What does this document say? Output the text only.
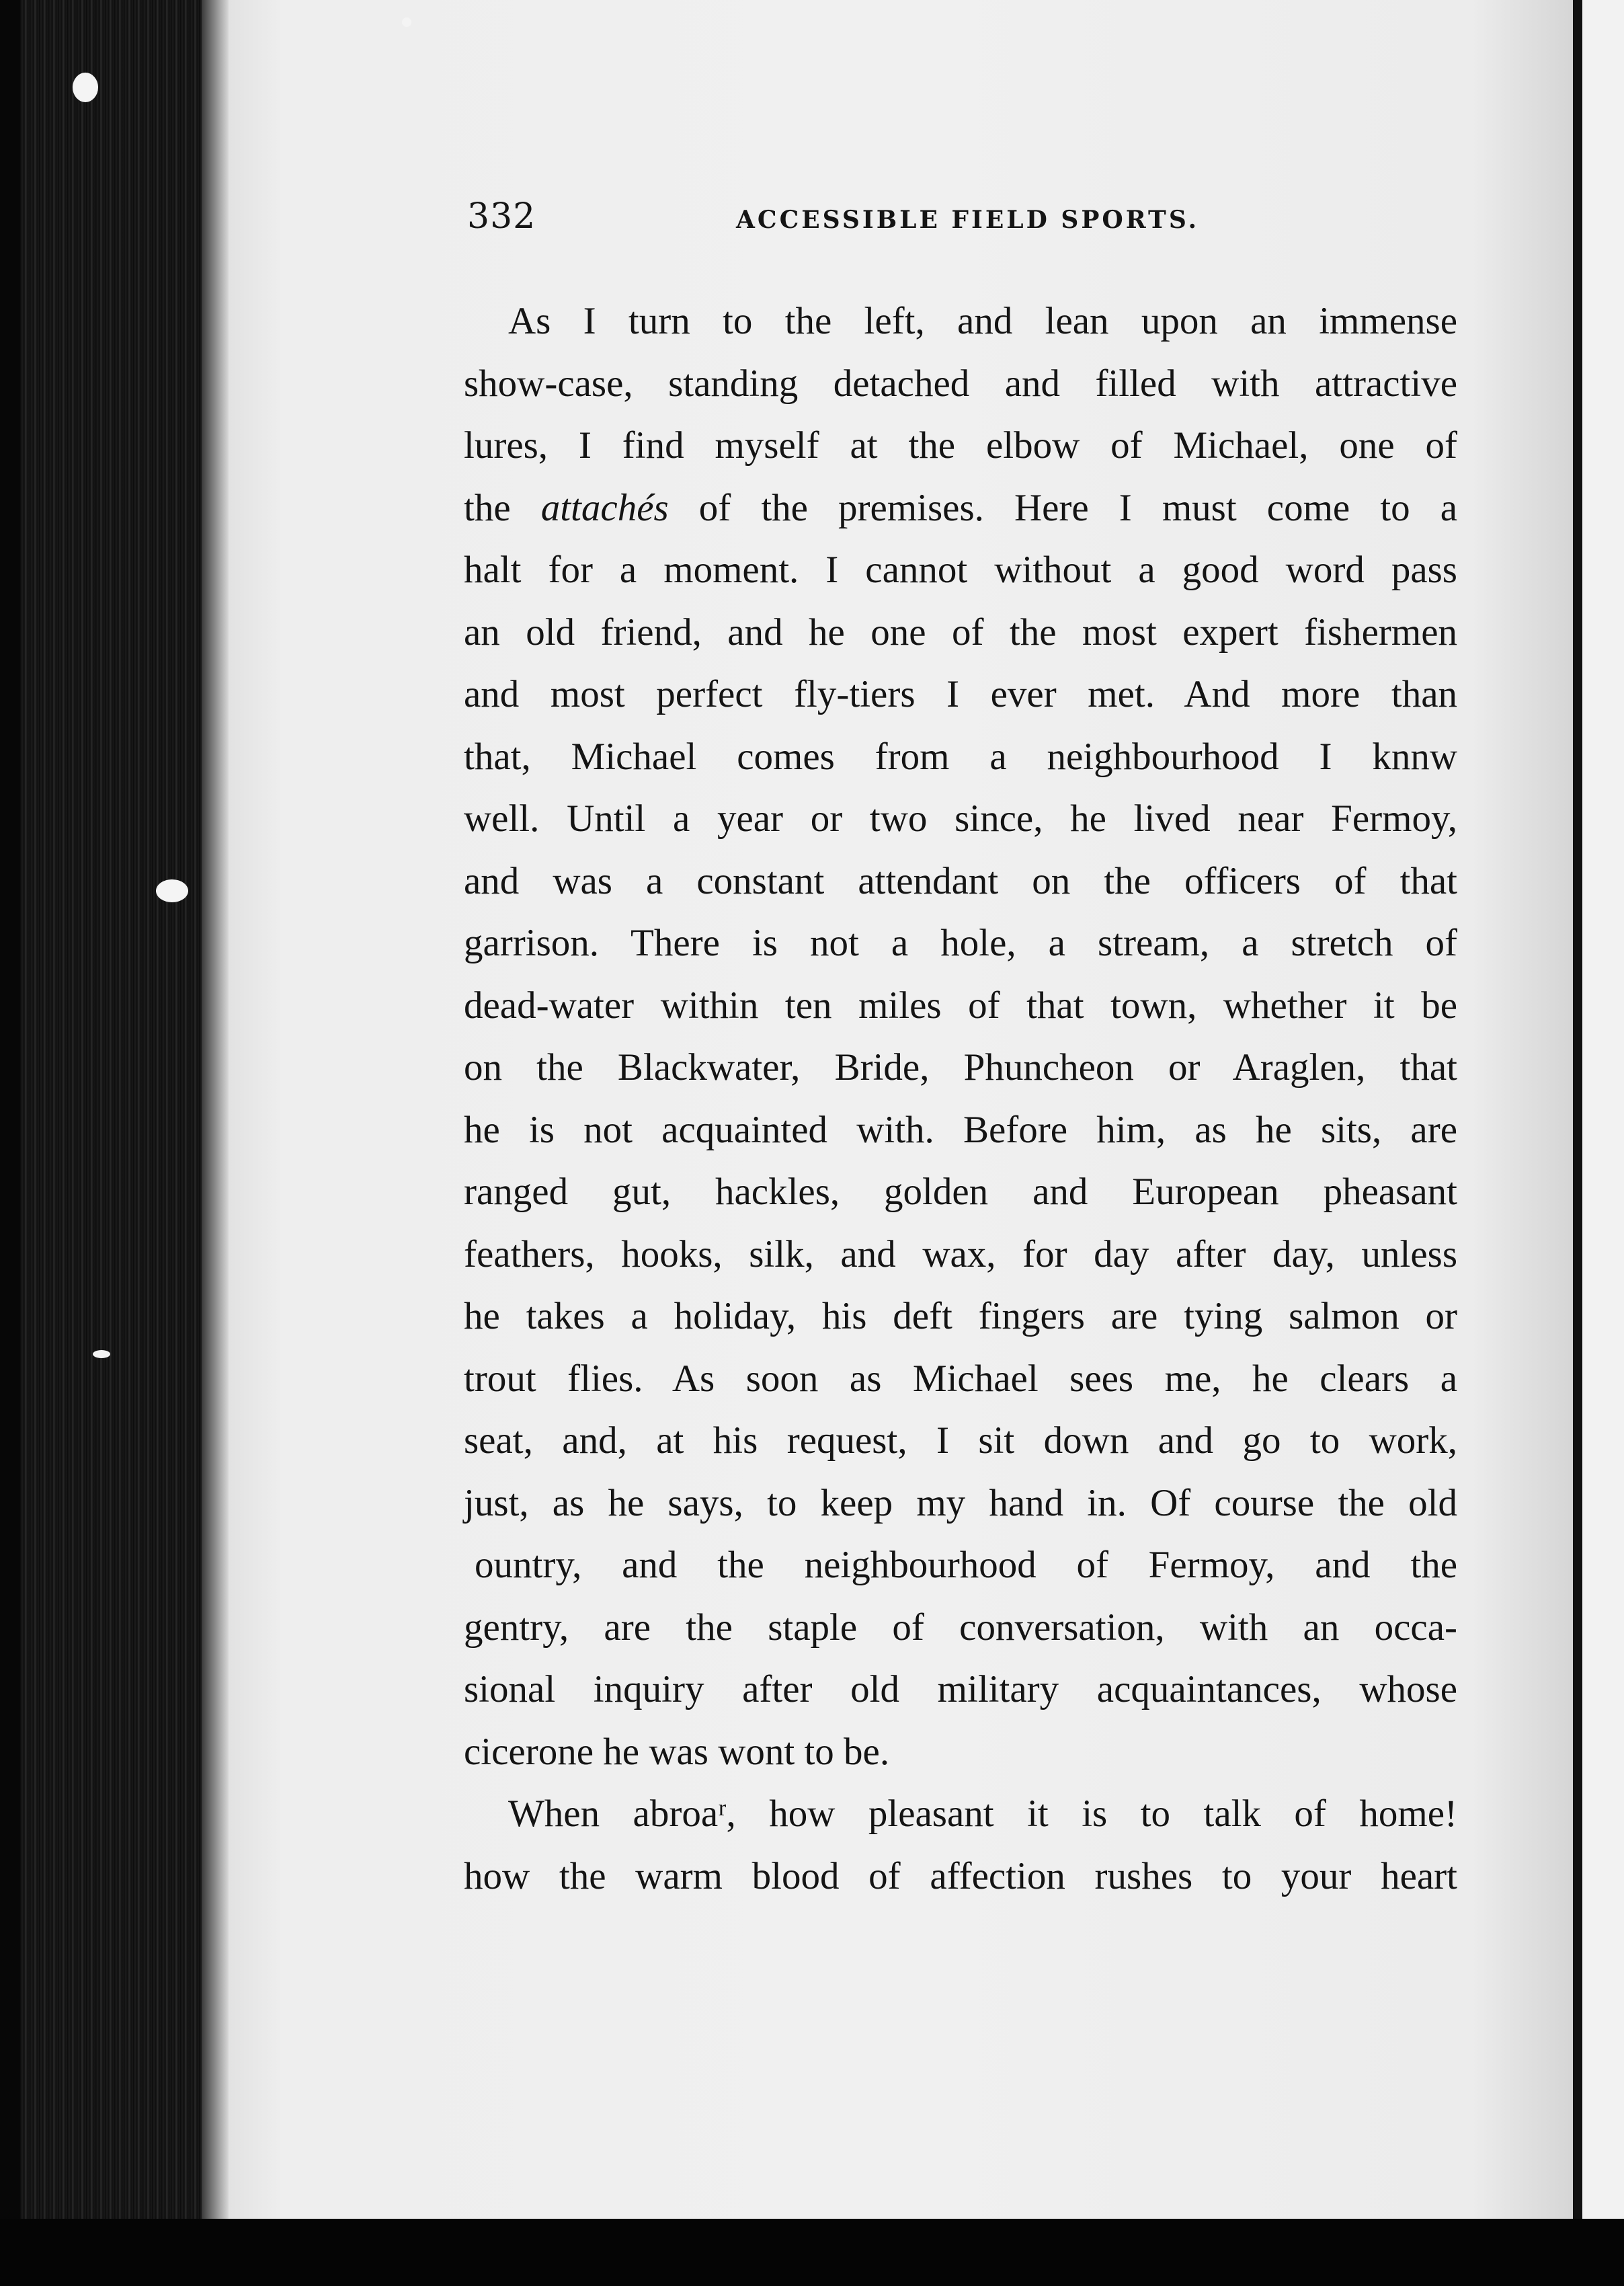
332	ACCESSIBLE FIELD SPORTS.
As I turn to the left, and lean upon an immense
show-case, standing detached and filled with attractive
lures, I find myself at the elbow of Michael, one of
the attachés of the premises. Here I must come to a
halt for a moment. I cannot without a good word pass
an old friend, and he one of the most expert fishermen
and most perfect fly-tiers I ever met. And more than
that, Michael comes from a neighbourhood I knnw
well. Until a year or two since, he lived near Fermoy,
and was a constant attendant on the officers of that
garrison. There is not a hole, a stream, a stretch of
dead-water within ten miles of that town, whether it be
on the Blackwater, Bride, Phuncheon or Araglen, that
he is not acquainted with. Before him, as he sits, are
ranged gut, hackles, golden and European pheasant
feathers, hooks, silk, and wax, for day after day, unless
he takes a holiday, his deft fingers are tying salmon or
trout flies. As soon as Michael sees me, he clears a
seat, and, at his request, I sit down and go to work,
just, as he says, to keep my hand in. Of course the old
ountry, and the neighbourhood of Fermoy, and the
gentry, are the staple of conversation, with an occa-
sional inquiry after old military acquaintances, whose
cicerone he was wont to be.
When abroaʳ, how pleasant it is to talk of home!
how the warm blood of affection rushes to your heart
